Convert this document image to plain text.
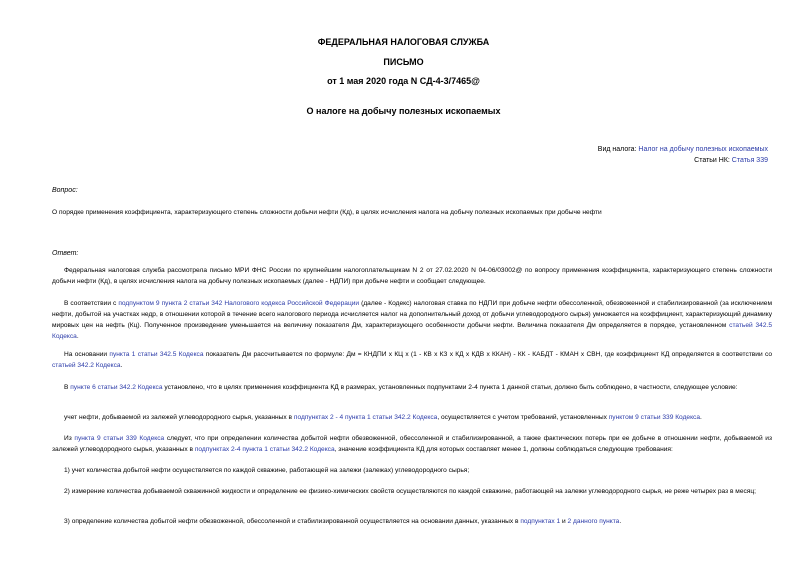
ФЕДЕРАЛЬНАЯ НАЛОГОВАЯ СЛУЖБА
ПИСЬМО
от 1 мая 2020 года N СД-4-3/7465@
О налоге на добычу полезных ископаемых
Вид налога: Налог на добычу полезных ископаемых
Статьи НК: Статья 339
Вопрос:
О порядке применения коэффициента, характеризующего степень сложности добычи нефти (Кд), в целях исчисления налога на добычу полезных ископаемых при добыче нефти
Ответ:
Федеральная налоговая служба рассмотрела письмо МРИ ФНС России по крупнейшим налогоплательщикам N 2 от 27.02.2020 N 04-06/03002@ по вопросу применения коэффициента, характеризующего степень сложности добычи нефти (Кд), в целях исчисления налога на добычу полезных ископаемых (далее - НДПИ) при добыче нефти и сообщает следующее.
В соответствии с подпунктом 9 пункта 2 статьи 342 Налогового кодекса Российской Федерации (далее - Кодекс) налоговая ставка по НДПИ при добыче нефти обессоленной, обезвоженной и стабилизированной (за исключением нефти, добытой на участках недр, в отношении которой в течение всего налогового периода исчисляется налог на дополнительный доход от добычи углеводородного сырья) умножается на коэффициент, характеризующий динамику мировых цен на нефть (Кц). Полученное произведение уменьшается на величину показателя Дм, характеризующего особенности добычи нефти. Величина показателя Дм определяется в порядке, установленном статьей 342.5 Кодекса.
На основании пункта 1 статьи 342.5 Кодекса показатель Дм рассчитывается по формуле: Дм = КНДПИ x КЦ x (1 - КВ x КЗ x КД x КДВ x ККАН) - КК - КАБДТ - КМАН x СВН, где коэффициент КД определяется в соответствии со статьей 342.2 Кодекса.
В пункте 6 статьи 342.2 Кодекса установлено, что в целях применения коэффициента КД в размерах, установленных подпунктами 2-4 пункта 1 данной статьи, должно быть соблюдено, в частности, следующее условие:
учет нефти, добываемой из залежей углеводородного сырья, указанных в подпунктах 2 - 4 пункта 1 статьи 342.2 Кодекса, осуществляется с учетом требований, установленных пунктом 9 статьи 339 Кодекса.
Из пункта 9 статьи 339 Кодекса следует, что при определении количества добытой нефти обезвоженной, обессоленной и стабилизированной, а также фактических потерь при ее добыче в отношении нефти, добываемой из залежей углеводородного сырья, указанных в подпунктах 2-4 пункта 1 статьи 342.2 Кодекса, значение коэффициента КД для которых составляет менее 1, должны соблюдаться следующие требования:
1) учет количества добытой нефти осуществляется по каждой скважине, работающей на залежи (залежах) углеводородного сырья;
2) измерение количества добываемой скважинной жидкости и определение ее физико-химических свойств осуществляются по каждой скважине, работающей на залежи углеводородного сырья, не реже четырех раз в месяц;
3) определение количества добытой нефти обезвоженной, обессоленной и стабилизированной осуществляется на основании данных, указанных в подпунктах 1 и 2 данного пункта.
